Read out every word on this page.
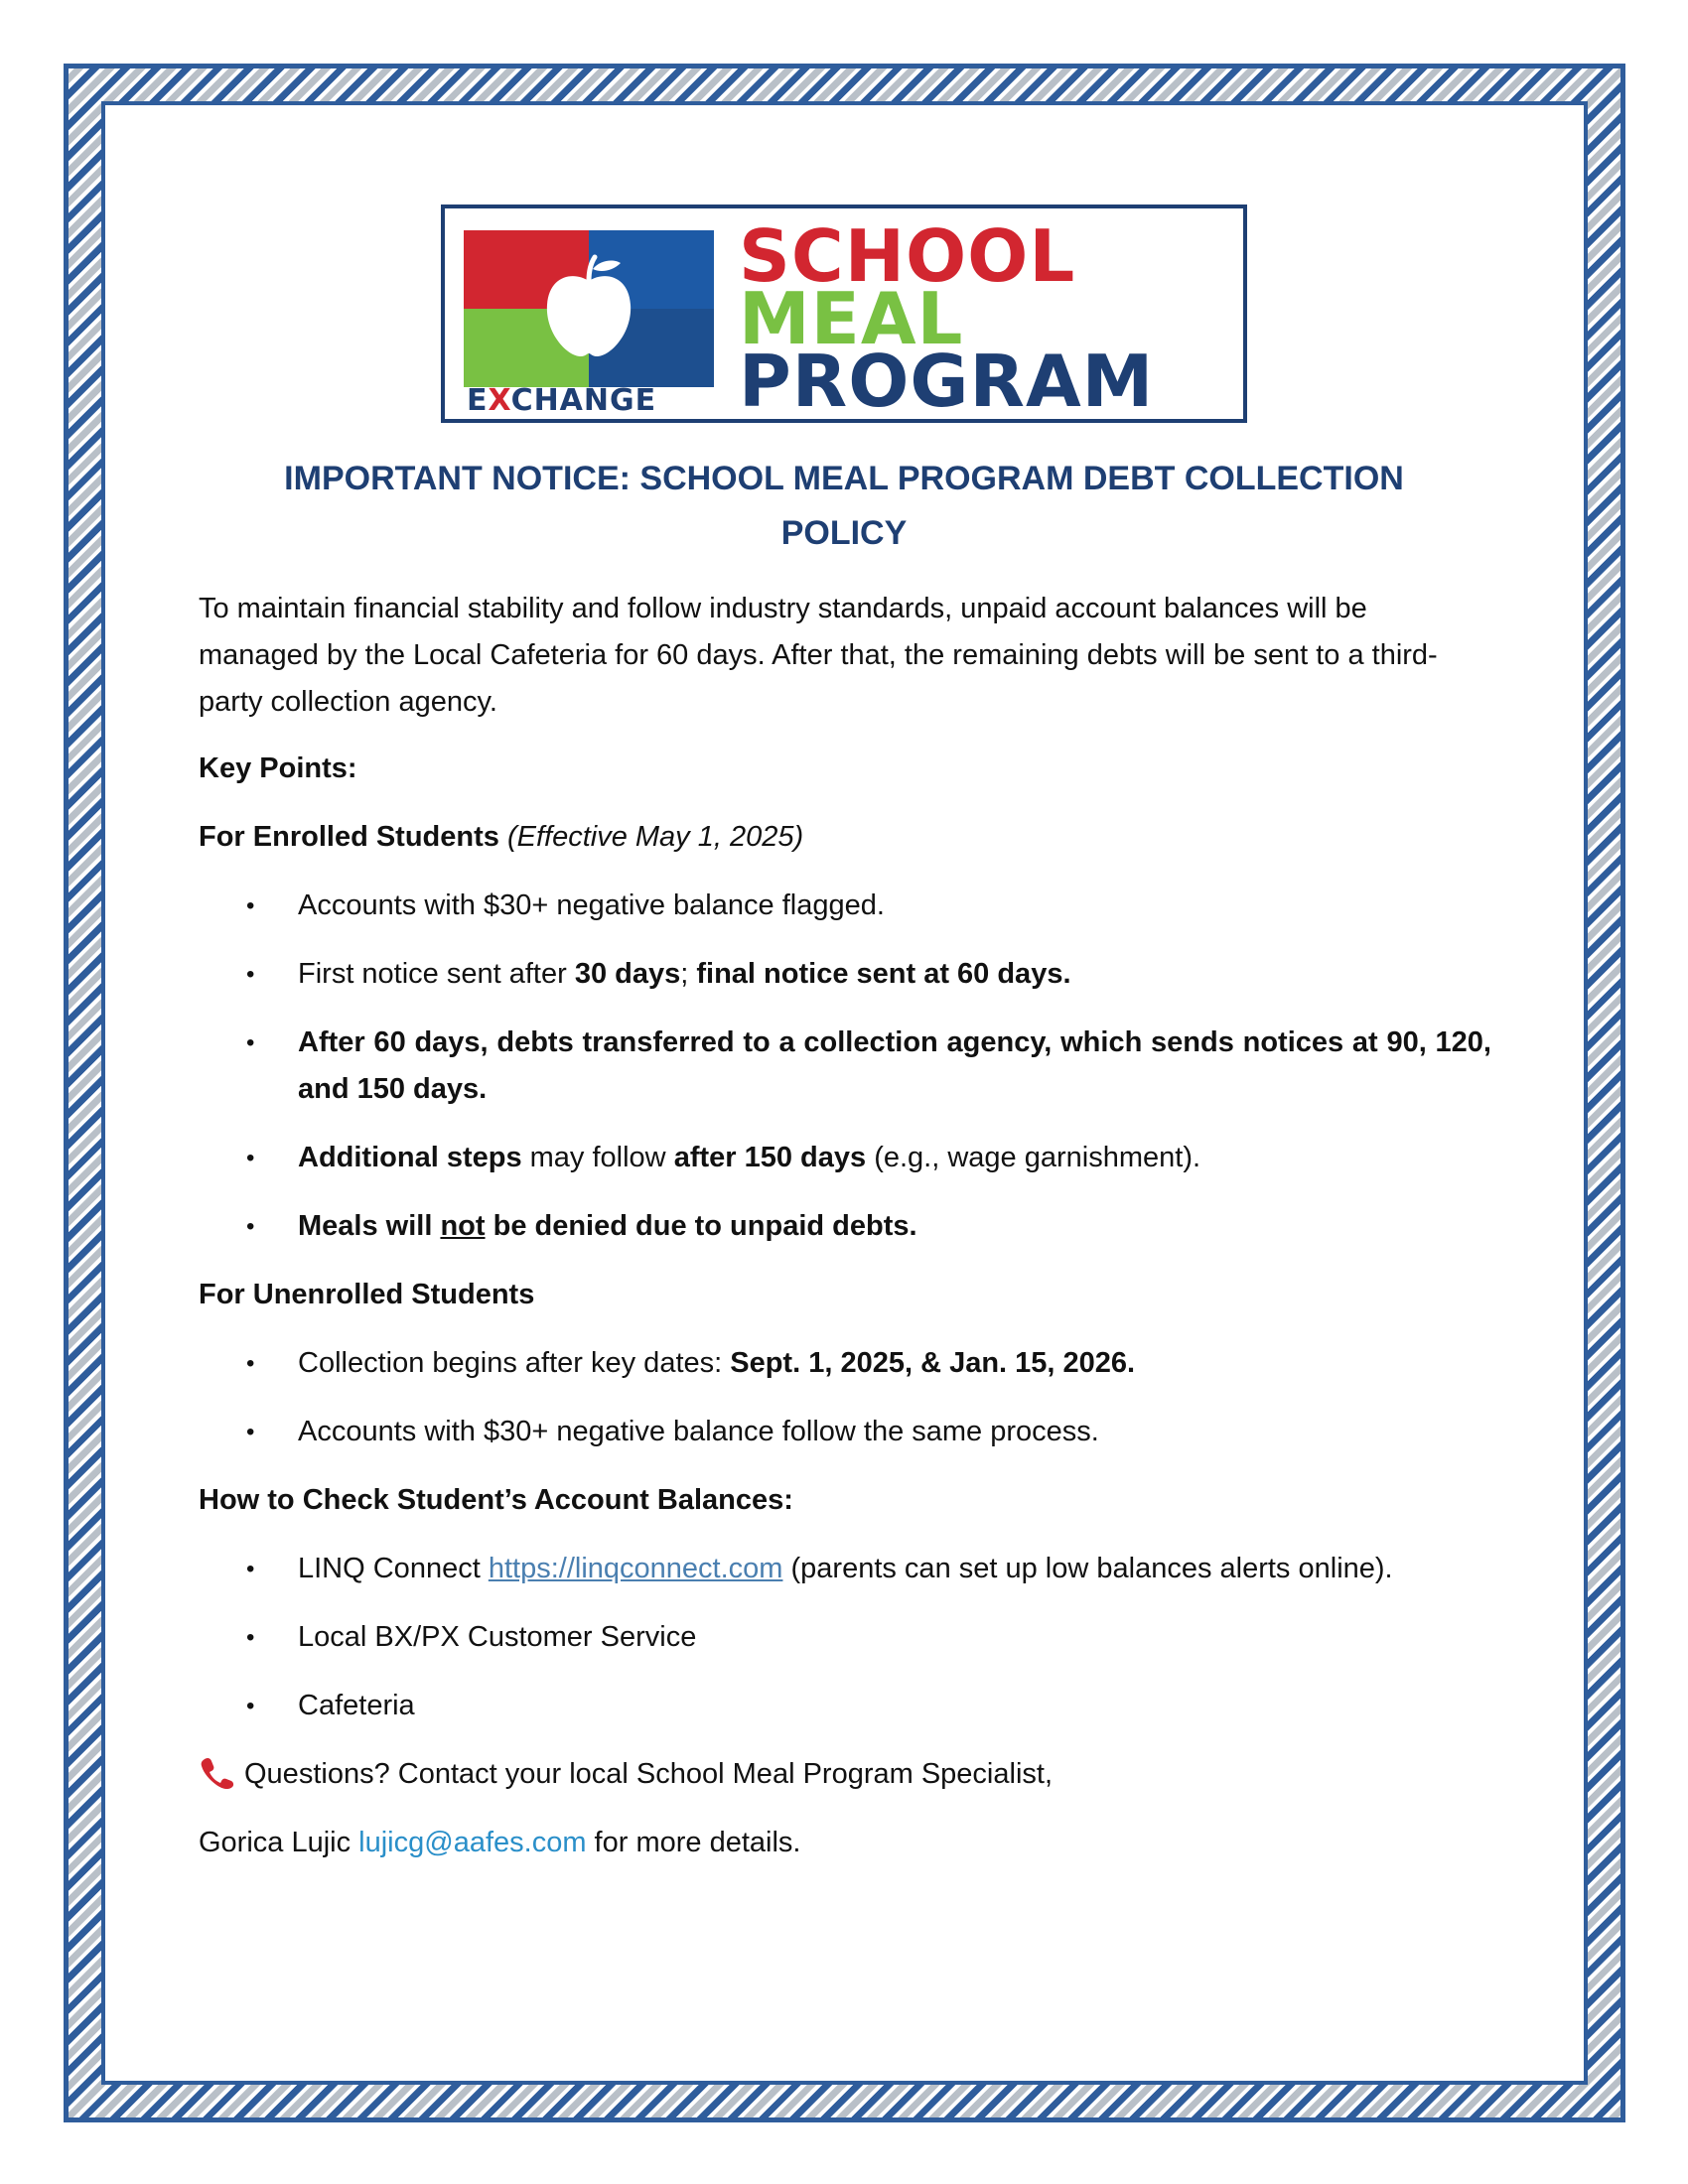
EXCHANGE
SCHOOL
MEAL
PROGRAM
IMPORTANT NOTICE: SCHOOL MEAL PROGRAM DEBT COLLECTION
POLICY

To maintain financial stability and follow industry standards, unpaid account balances will be managed by the Local Cafeteria for 60 days. After that, the remaining debts will be sent to a third-party collection agency.

Key Points:
For Enrolled Students (Effective May 1, 2025)
• Accounts with $30+ negative balance flagged.
• First notice sent after 30 days; final notice sent at 60 days.
• After 60 days, debts transferred to a collection agency, which sends notices at 90, 120, and 150 days.
• Additional steps may follow after 150 days (e.g., wage garnishment).
• Meals will not be denied due to unpaid debts.
For Unenrolled Students
• Collection begins after key dates: Sept. 1, 2025, & Jan. 15, 2026.
• Accounts with $30+ negative balance follow the same process.
How to Check Student’s Account Balances:
• LINQ Connect https://linqconnect.com (parents can set up low balances alerts online).
• Local BX/PX Customer Service
• Cafeteria

Questions? Contact your local School Meal Program Specialist,

Gorica Lujic lujicg@aafes.com for more details.
